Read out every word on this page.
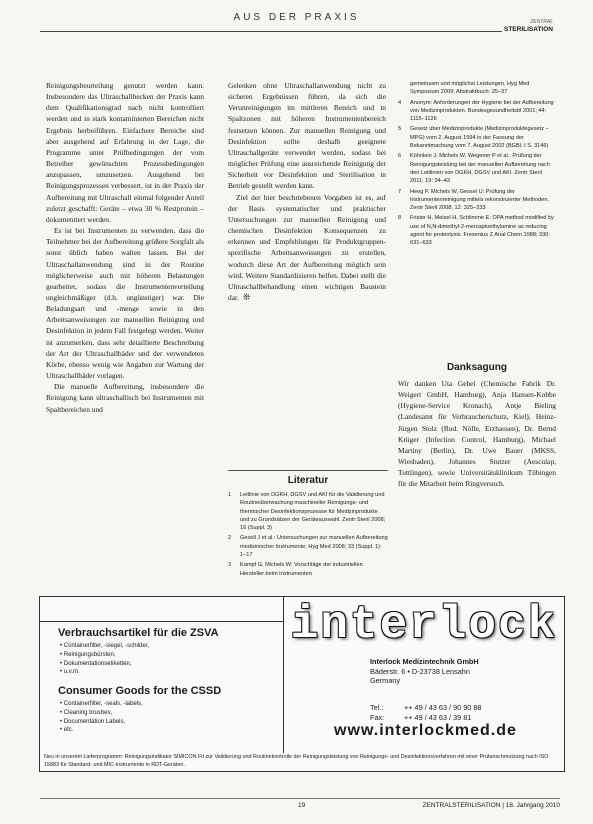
AUS DER PRAXIS	ZENTRAL
STERILISATION

Reinigungsbeurteilung genutzt werden kann. Insbesondere das Ultraschallbecken der Praxis kann dem Qualifikationsgrad nach nicht kontrolliert werden und in stark kontaminierten Bereichen nicht Ergebnis herbeiführen. Einfachere Bereiche sind aber ausgehend auf Erfahrung in der Lage, die Programme unter Prüfbedingungen der vom Betreiber gewünschten Prozessbedingungen anzupassen, umzusetzen. Ausgehend bei Reinigungsprozessen verbessert, ist in der Praxis der Aufbereitung mit Ultraschall einmal folgender Anteil zuletzt geschafft: Geräte – etwa 30 % Restprotein – dokumentiert werden.

Es ist bei Instrumenten zu verwenden, dass die Teilnehmer bei der Aufbereitung größere Sorgfalt als sonst üblich haben walten lassen. Bei der Ultraschallanwendung sind in der Routine möglicherweise auch mit höheren Belastungen gearbeitet, sodass die Instrumentenverteilung ungleichmäßiger (d.h. ungünstiger) war. Die Beladungsart und -menge sowie in den Arbeitsanweisungen zur manuellen Reinigung und Desinfektion in jedem Fall festgelegt werden. Weiter ist anzumerken, dass sehr detaillierte Beschreibung der Art der Ultraschallbäder und der verwendeten Körbe, ebenso wenig wie Angaben zur Wartung der Ultraschallbäder vorlagen.

Die manuelle Aufbereitung, insbesondere die Reinigung kann ultraschallisch bei Instrumenten mit Spaltbereichen und

Gelenken ohne Ultraschallanwendung nicht zu sicheren Ergebnissen führen, da sich die Verunreinigungen im mittleren Bereich und in Spaltzonen mit höheren Instrumentenbereich festsetzen können. Zur manuellen Reinigung und Desinfektion sollte deshalb geeignete Ultraschallgeräte verwendet werden, sodass bei möglicher Prüfung eine ausreichende Reinigung der Sicherheit vor Desinfektion und Sterilisation in Betrieb gestellt werden kann.

Ziel der hier beschriebenen Vorgaben ist es, auf der Basis systematischer und praktischer Untersuchungen zur manuellen Reinigung und chemischen Desinfektion Konsequenzen zu erkennen und Empfehlungen für Produktgruppen-spezifische Arbeitsanweisungen zu erstellen, wodurch diese Art der Aufbereitung möglich sein wird. Weitere Standardisieren helfen. Dabei stellt die Ultraschallbehandlung einen wichtigen Baustein dar. ❊

Literatur
1	Leitlinie von DGKH, DGSV und AKI für die Validierung und Routineüberwachung maschineller Reinigungs- und thermischer Desinfektionsprozesse für Medizinprodukte und zu Grundsätzen der Geräteauswahl. Zentr Steril 2008; 16 (Suppl. 3)
2	Gesell J et al.: Untersuchungen zur manuellen Aufbereitung medizinischer Instrumente. Hyg Med 2008; 33 (Suppl. 1): 1–17
3	Kampf G, Michels W: Vorschläge der industriellen Hersteller beim Instrumenten
gemeinsam und möglichst Leistungen. Hyg Med Symposium 2009; Abstraktbuch: 25–37
4	Anonym: Anforderungen der Hygiene bei der Aufbereitung von Medizinprodukten. Bundesgesundheitsbl 2001; 44: 1115–1126
5	Gesetz über Medizinprodukte (Medizinproduktegesetz – MPG) vom 2. August 1994 in der Fassung der Bekanntmachung vom 7. August 2002 (BGBl. I S. 3146)
6	Köhnlein J, Michels W, Wegener P et al.: Prüfung der Reinigungsleistung bei der manuellen Aufbereitung nach den Leitlinien von DGKH, DGSV und AKI. Zentr Steril 2011; 19: 34–43
7	Heeg P, Michels W, Gessel U: Prüfung der Instrumentenreinigung mittels rekonstruierter Methoden. Zentr Steril 2008; 12: 325–333
8	Frister H, Meisel H, Schlimme E: OPA method modified by use of N,N-dimethyl-2-mercaptoethylamine as reducing agent for proteolysis. Fresenius Z Anal Chem 1988; 330: 631–633
Danksagung
Wir danken Uta Gebel (Chemische Fabrik Dr. Weigert GmbH, Hamburg), Anja Hansen-Kobbe (Hygiene-Service Kronach), Antje Bieling (Landesamt für Verbraucherschutz, Kiel), Heinz-Jürgen Stolz (Rud. Nölle, Erzhausen), Dr. Bernd Krüger (Infection Control, Hamburg), Michael Martiny (Berlin), Dr. Uwe Bauer (MKSS, Wiesbaden), Johannes Stutzer (Aesculap, Tuttlingen), sowie Universitätsklinikum Tübingen für die Mitarbeit beim Ringversuch.
Verbrauchsartikel für die ZSVA
• Containerfilter, -siegel, -schilder,
• Reinigungsbürsten,
• Dokumentationsetiketten,
• u.v.m.
Consumer Goods for the CSSD
• Containerfilter, -seals, -labels,
• Cleaning brushes,
• Documentation Labels,
• etc.
interlock
Interlock Medizintechnik GmbH
Bäderstr. 6 • D-23738 Lensahn
Germany
Tel.:	++ 49 / 43 63 / 90 90 88
Fax:	++ 49 / 43 63 / 39 81
www.interlockmed.de
Neu in unserem Lieferprogramm: Reinigungsindikator SIMICON Fit zur Validierung und Routinekontrolle der Reinigungsleistung von Reinigungs- und Desinfektionsverfahren mit einer Prüfanschmutzung nach ISO 15883 für Standard- und MIC-Instrumente in RDT-Geräten.
19	ZENTRALSTERILISATION | 18. Jahrgang 2010
